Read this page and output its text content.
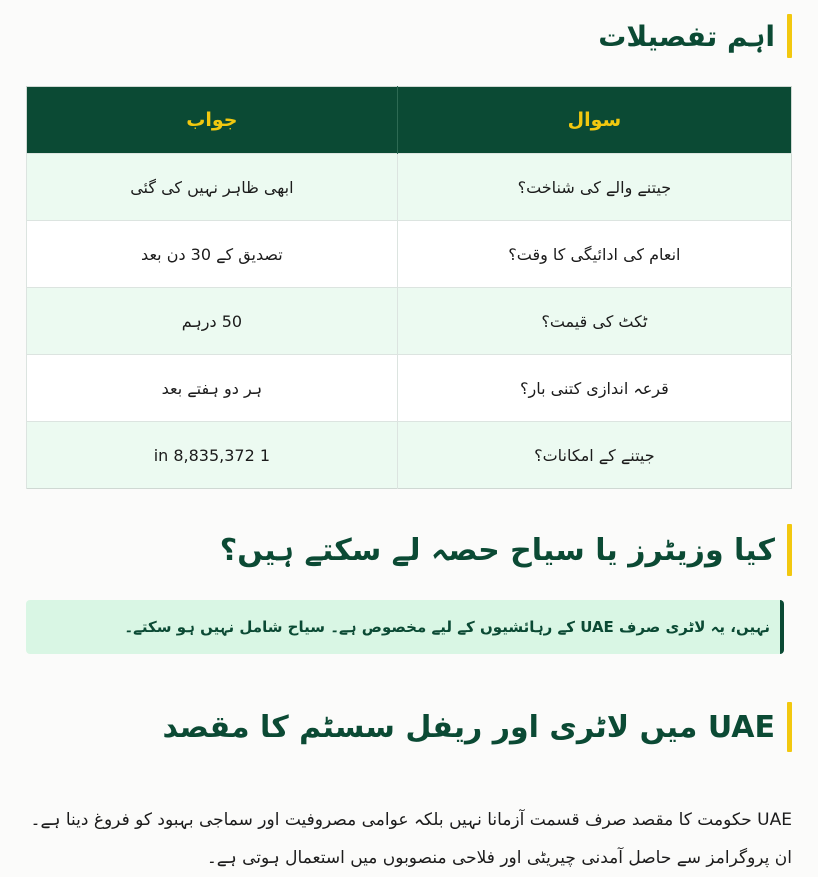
اہم تفصیلات
سوال	جواب
جیتنے والے کی شناخت؟	ابھی ظاہر نہیں کی گئی
انعام کی ادائیگی کا وقت؟	تصدیق کے 30 دن بعد
ٹکٹ کی قیمت؟	50 درہم
قرعہ اندازی کتنی بار؟	ہر دو ہفتے بعد
جیتنے کے امکانات؟	1 in 8,835,372
کیا وزیٹرز یا سیاح حصہ لے سکتے ہیں؟
نہیں، یہ لاٹری صرف UAE کے رہائشیوں کے لیے مخصوص ہے۔ سیاح شامل نہیں ہو سکتے۔
UAE میں لاٹری اور ریفل سسٹم کا مقصد

UAE حکومت کا مقصد صرف قسمت آزمانا نہیں بلکہ عوامی مصروفیت اور سماجی بہبود کو فروغ دینا ہے۔ ان پروگرامز سے حاصل آمدنی چیریٹی اور فلاحی منصوبوں میں استعمال ہوتی ہے۔
